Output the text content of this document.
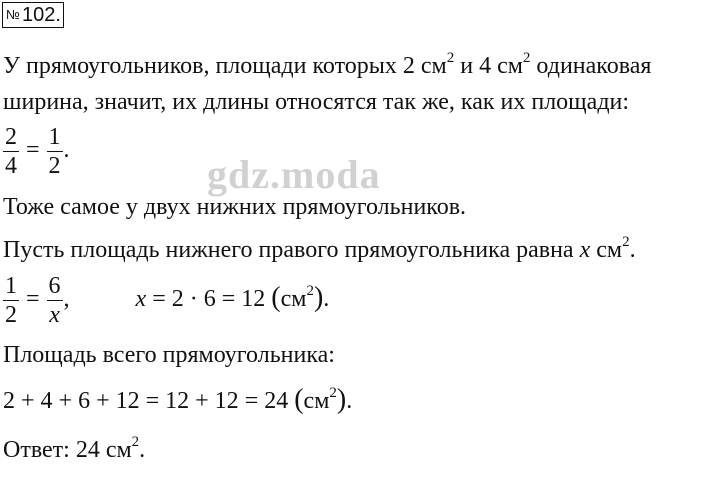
№ 102.
У прямоугольников, площади которых 2 $см^2$ и 4 $см^2$ одинаковая
ширина, значит, их длины относятся так же, как их площади:
$\frac{2}{4} = \frac{1}{2}$ .
gdz.moda
Тоже самое у двух нижних прямоугольников.
Пусть площадь нижнего правого прямоугольника равна x $см^2$.
$\frac{1}{2} = \frac{6}{x}$ ,	x = 2 · 6 = 12 $(см^2)$.
Площадь всего прямоугольника:
2 + 4 + 6 + 12 = 12 + 12 = 24 $(см^2)$.
Ответ: 24 $см^2$.
